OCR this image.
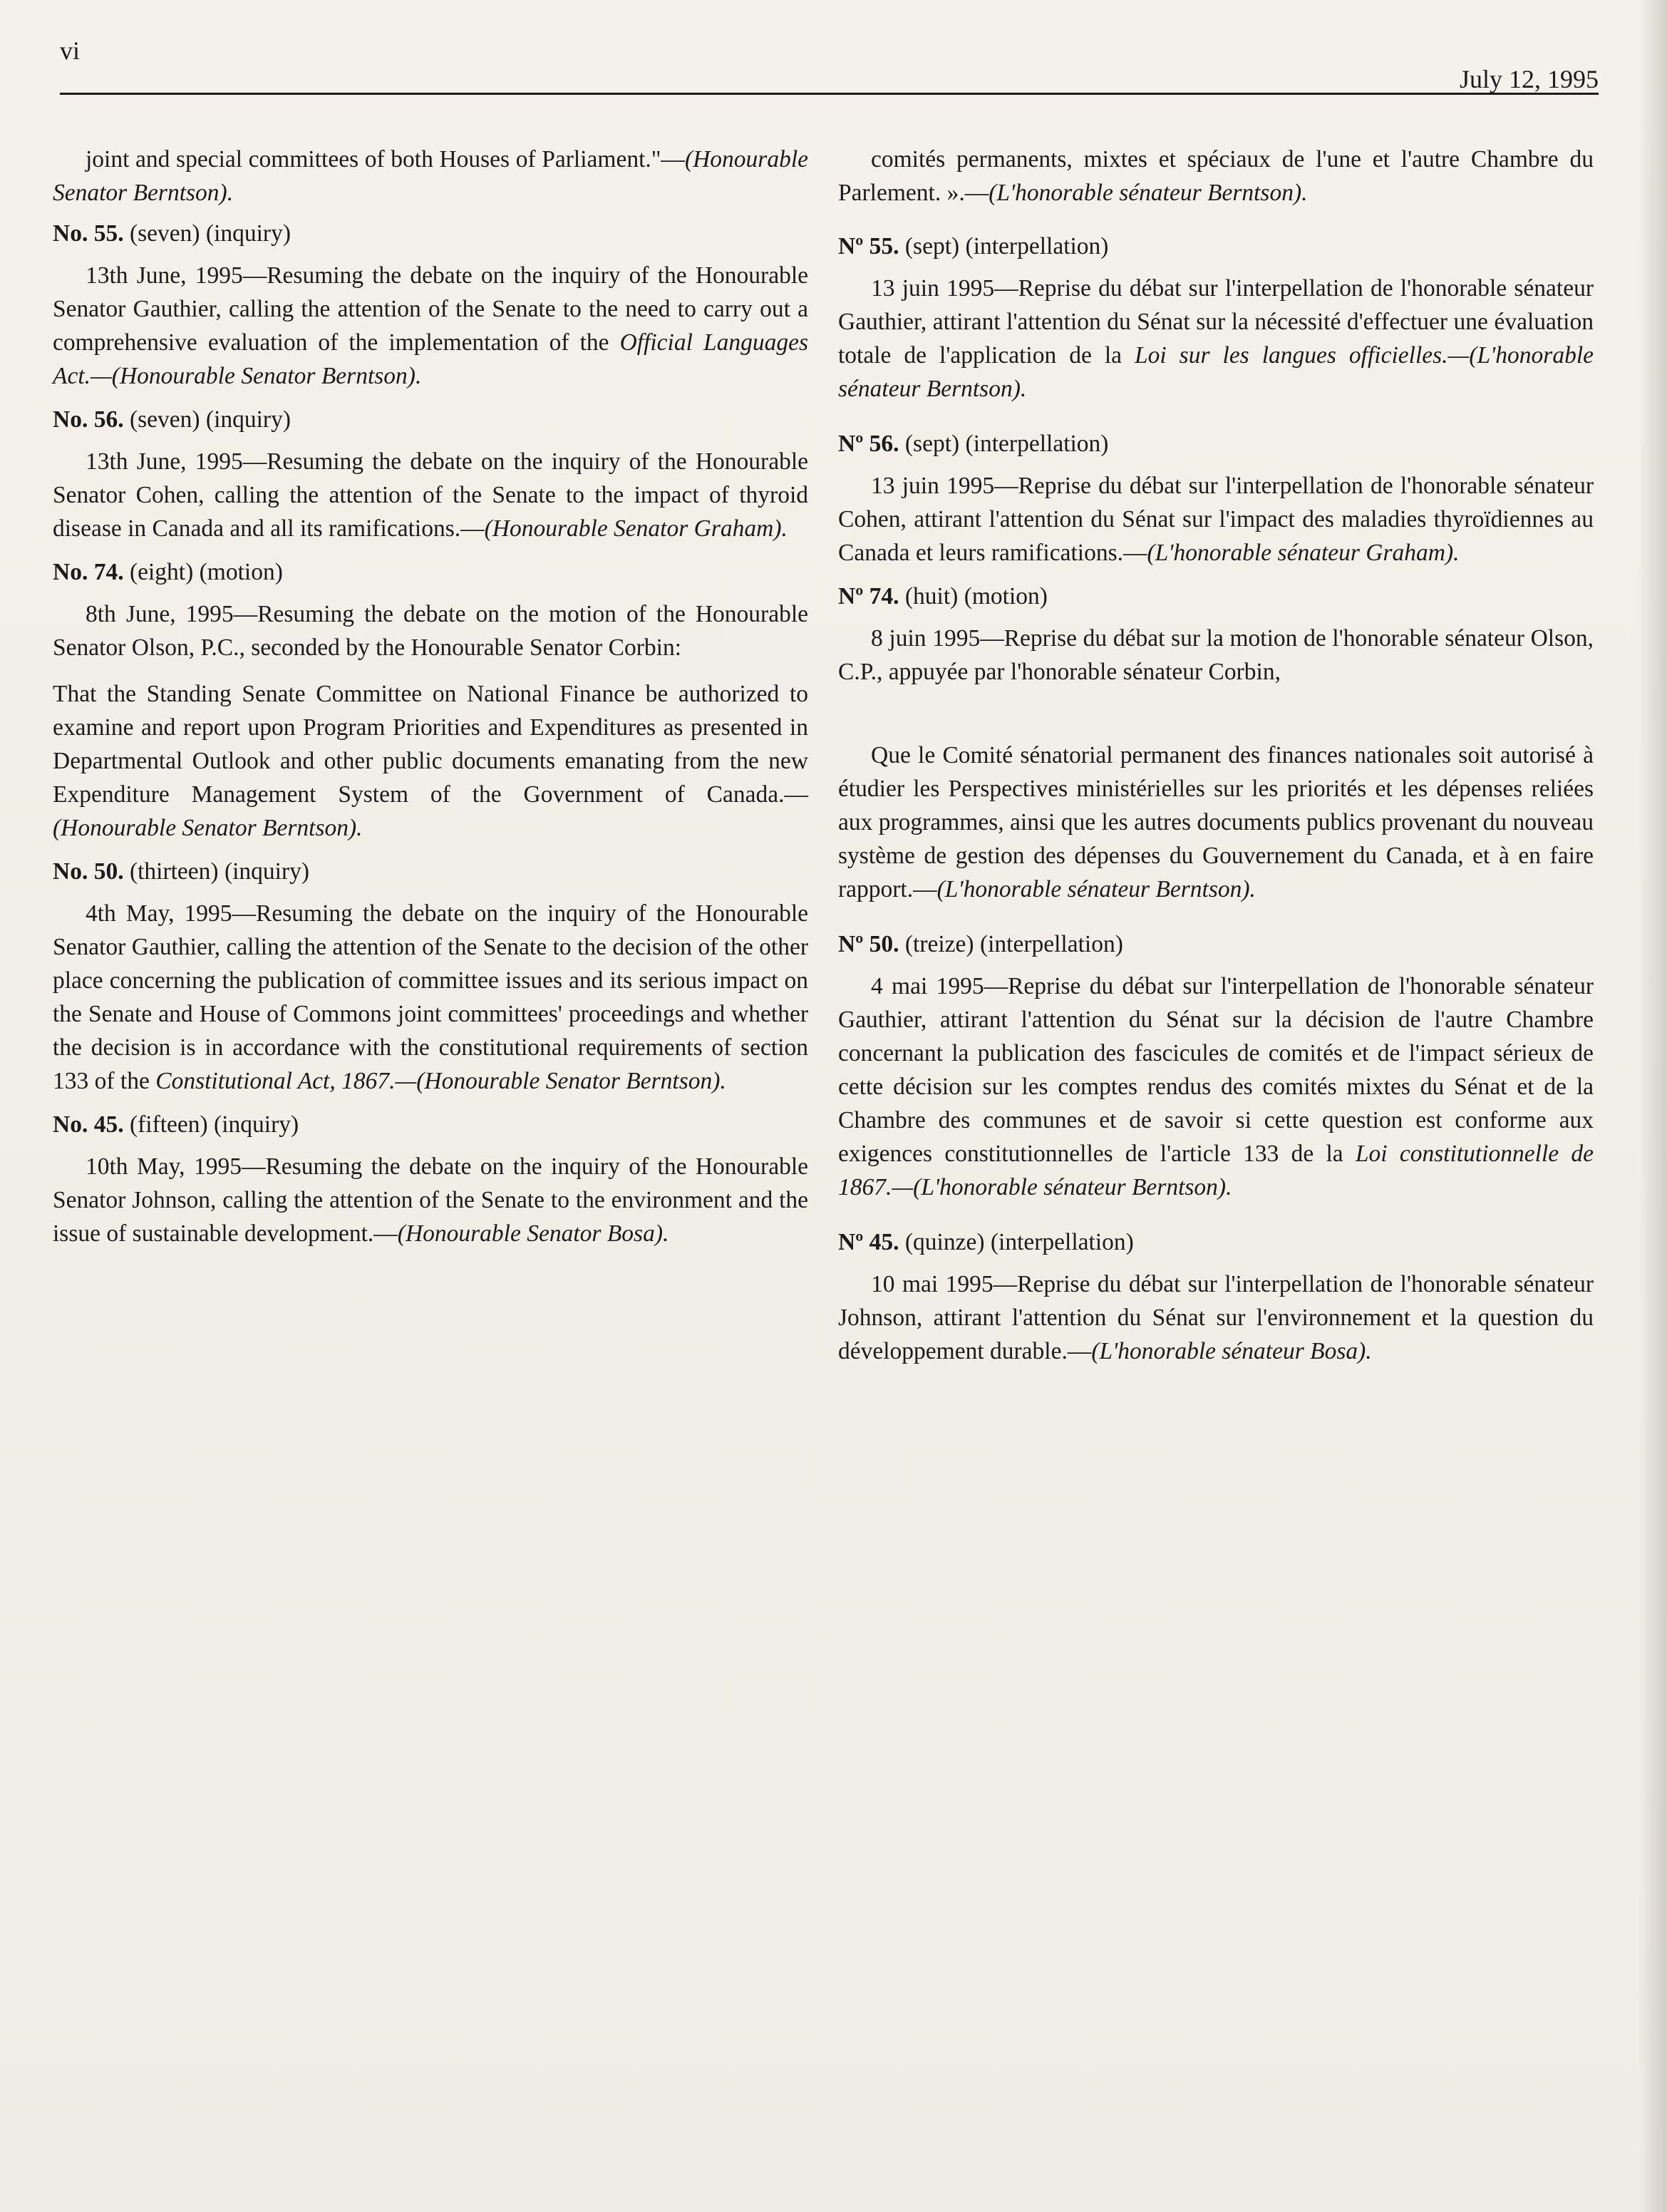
vi
July 12, 1995

joint and special committees of both Houses of Parliament."—(Honourable Senator Berntson).

No. 55. (seven) (inquiry)

13th June, 1995—Resuming the debate on the inquiry of the Honourable Senator Gauthier, calling the attention of the Senate to the need to carry out a comprehensive evaluation of the implementation of the Official Languages Act.—(Honourable Senator Berntson).

No. 56. (seven) (inquiry)

13th June, 1995—Resuming the debate on the inquiry of the Honourable Senator Cohen, calling the attention of the Senate to the impact of thyroid disease in Canada and all its ramifications.—(Honourable Senator Graham).

No. 74. (eight) (motion)

8th June, 1995—Resuming the debate on the motion of the Honourable Senator Olson, P.C., seconded by the Honourable Senator Corbin:

That the Standing Senate Committee on National Finance be authorized to examine and report upon Program Priorities and Expenditures as presented in Departmental Outlook and other public documents emanating from the new Expenditure Management System of the Government of Canada.—(Honourable Senator Berntson).

No. 50. (thirteen) (inquiry)

4th May, 1995—Resuming the debate on the inquiry of the Honourable Senator Gauthier, calling the attention of the Senate to the decision of the other place concerning the publication of committee issues and its serious impact on the Senate and House of Commons joint committees' proceedings and whether the decision is in accordance with the constitutional requirements of section 133 of the Constitutional Act, 1867.—(Honourable Senator Berntson).

No. 45. (fifteen) (inquiry)

10th May, 1995—Resuming the debate on the inquiry of the Honourable Senator Johnson, calling the attention of the Senate to the environment and the issue of sustainable development.—(Honourable Senator Bosa).

comités permanents, mixtes et spéciaux de l'une et l'autre Chambre du Parlement. ».—(L'honorable sénateur Berntson).

Nº 55. (sept) (interpellation)

13 juin 1995—Reprise du débat sur l'interpellation de l'honorable sénateur Gauthier, attirant l'attention du Sénat sur la nécessité d'effectuer une évaluation totale de l'application de la Loi sur les langues officielles.—(L'honorable sénateur Berntson).

Nº 56. (sept) (interpellation)

13 juin 1995—Reprise du débat sur l'interpellation de l'honorable sénateur Cohen, attirant l'attention du Sénat sur l'impact des maladies thyroïdiennes au Canada et leurs ramifications.—(L'honorable sénateur Graham).

Nº 74. (huit) (motion)

8 juin 1995—Reprise du débat sur la motion de l'honorable sénateur Olson, C.P., appuyée par l'honorable sénateur Corbin,

Que le Comité sénatorial permanent des finances nationales soit autorisé à étudier les Perspectives ministérielles sur les priorités et les dépenses reliées aux programmes, ainsi que les autres documents publics provenant du nouveau système de gestion des dépenses du Gouvernement du Canada, et à en faire rapport.—(L'honorable sénateur Berntson).

Nº 50. (treize) (interpellation)

4 mai 1995—Reprise du débat sur l'interpellation de l'honorable sénateur Gauthier, attirant l'attention du Sénat sur la décision de l'autre Chambre concernant la publication des fascicules de comités et de l'impact sérieux de cette décision sur les comptes rendus des comités mixtes du Sénat et de la Chambre des communes et de savoir si cette question est conforme aux exigences constitutionnelles de l'article 133 de la Loi constitutionnelle de 1867.—(L'honorable sénateur Berntson).

Nº 45. (quinze) (interpellation)

10 mai 1995—Reprise du débat sur l'interpellation de l'honorable sénateur Johnson, attirant l'attention du Sénat sur l'environnement et la question du développement durable.—(L'honorable sénateur Bosa).
